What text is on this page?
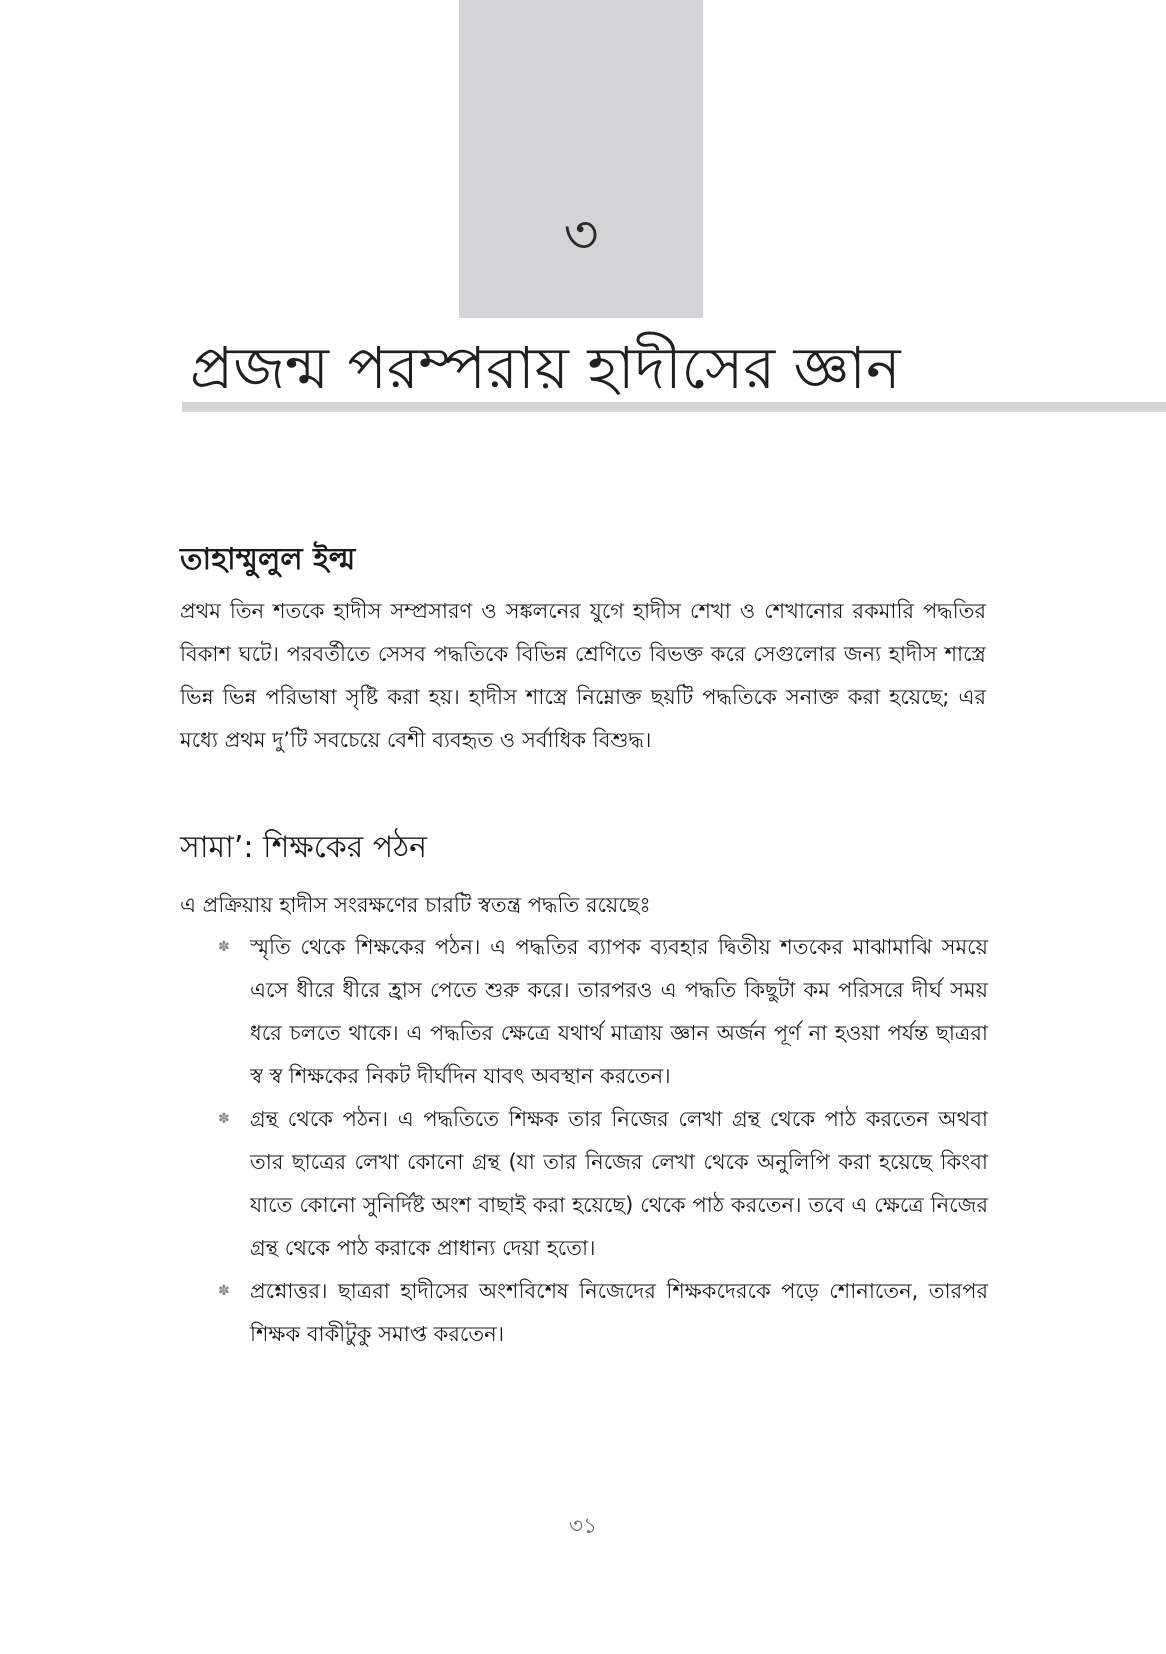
৩
প্রজন্ম পরম্পরায় হাদীসের জ্ঞান
তাহাম্মুলুল ইল্ম

প্রথম তিন শতকে হাদীস সম্প্রসারণ ও সঙ্কলনের যুগে হাদীস শেখা ও শেখানোর রকমারি পদ্ধতির বিকাশ ঘটে। পরবর্তীতে সেসব পদ্ধতিকে বিভিন্ন শ্রেণিতে বিভক্ত করে সেগুলোর জন্য হাদীস শাস্ত্রে ভিন্ন ভিন্ন পরিভাষা সৃষ্টি করা হয়। হাদীস শাস্ত্রে নিম্নোক্ত ছয়টি পদ্ধতিকে সনাক্ত করা হয়েছে; এর মধ্যে প্রথম দু’টি সবচেয়ে বেশী ব্যবহৃত ও সর্বাধিক বিশুদ্ধ।

সামা’: শিক্ষকের পঠন
এ প্রক্রিয়ায় হাদীস সংরক্ষণের চারটি স্বতন্ত্র পদ্ধতি রয়েছেঃ
✽ স্মৃতি থেকে শিক্ষকের পঠন। এ পদ্ধতির ব্যাপক ব্যবহার দ্বিতীয় শতকের মাঝামাঝি সময়ে এসে ধীরে ধীরে হ্রাস পেতে শুরু করে। তারপরও এ পদ্ধতি কিছুটা কম পরিসরে দীর্ঘ সময় ধরে চলতে থাকে। এ পদ্ধতির ক্ষেত্রে যথার্থ মাত্রায় জ্ঞান অর্জন পূর্ণ না হওয়া পর্যন্ত ছাত্ররা স্ব স্ব শিক্ষকের নিকট দীর্ঘদিন যাবৎ অবস্থান করতেন।
✽ গ্রন্থ থেকে পঠন। এ পদ্ধতিতে শিক্ষক তার নিজের লেখা গ্রন্থ থেকে পাঠ করতেন অথবা তার ছাত্রের লেখা কোনো গ্রন্থ (যা তার নিজের লেখা থেকে অনুলিপি করা হয়েছে কিংবা যাতে কোনো সুনির্দিষ্ট অংশ বাছাই করা হয়েছে) থেকে পাঠ করতেন। তবে এ ক্ষেত্রে নিজের গ্রন্থ থেকে পাঠ করাকে প্রাধান্য দেয়া হতো।
✽ প্রশ্নোত্তর। ছাত্ররা হাদীসের অংশবিশেষ নিজেদের শিক্ষকদেরকে পড়ে শোনাতেন, তারপর শিক্ষক বাকীটুকু সমাপ্ত করতেন।
৩১
